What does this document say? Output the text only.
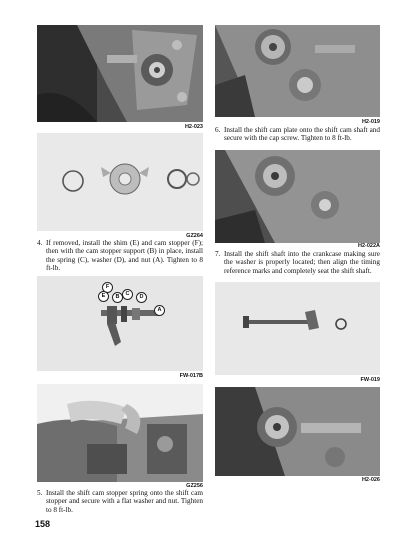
H2-023
GZ264
4. If removed, install the shim (E) and cam stopper (F); then with the cam stopper support (B) in place, install the spring (C), washer (D), and nut (A). Tighten to 8 ft-lb.
F
E	B	C	D
A
FW-017B
GZ256
5. Install the shift cam stopper spring onto the shift cam stopper and secure with a flat washer and nut. Tighten to 8 ft-lb.
158
H2-019
6. Install the shift cam plate onto the shift cam shaft and secure with the cap screw. Tighten to 8 ft-lb.
H2-022A
7. Install the shift shaft into the crankcase making sure the washer is properly located; then align the timing reference marks and completely seat the shift shaft.
FW-019
H2-026
